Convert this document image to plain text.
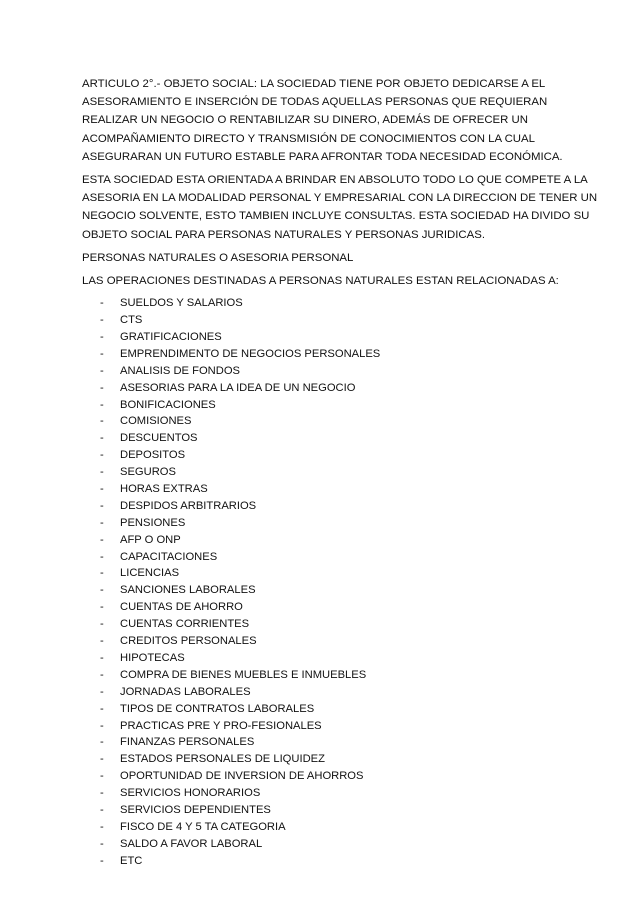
ARTICULO 2°.- OBJETO SOCIAL: LA SOCIEDAD TIENE POR OBJETO DEDICARSE A EL
ASESORAMIENTO E INSERCIÓN DE TODAS AQUELLAS PERSONAS QUE REQUIERAN
REALIZAR UN NEGOCIO O RENTABILIZAR SU DINERO, ADEMÁS DE OFRECER UN
ACOMPAÑAMIENTO DIRECTO Y TRANSMISIÓN DE CONOCIMIENTOS CON LA CUAL
ASEGURARAN UN FUTURO ESTABLE PARA AFRONTAR TODA NECESIDAD ECONÓMICA.

ESTA SOCIEDAD ESTA ORIENTADA A BRINDAR EN ABSOLUTO TODO LO QUE COMPETE A LA
ASESORIA EN LA MODALIDAD PERSONAL Y EMPRESARIAL CON LA DIRECCION DE TENER UN
NEGOCIO SOLVENTE, ESTO TAMBIEN INCLUYE CONSULTAS. ESTA SOCIEDAD HA DIVIDO SU
OBJETO SOCIAL PARA PERSONAS NATURALES Y PERSONAS JURIDICAS.

PERSONAS NATURALES O ASESORIA PERSONAL

LAS OPERACIONES DESTINADAS A PERSONAS NATURALES ESTAN RELACIONADAS A:

- SUELDOS Y SALARIOS
- CTS
- GRATIFICACIONES
- EMPRENDIMENTO DE NEGOCIOS PERSONALES
- ANALISIS DE FONDOS
- ASESORIAS PARA LA IDEA DE UN NEGOCIO
- BONIFICACIONES
- COMISIONES
- DESCUENTOS
- DEPOSITOS
- SEGUROS
- HORAS EXTRAS
- DESPIDOS ARBITRARIOS
- PENSIONES
- AFP O ONP
- CAPACITACIONES
- LICENCIAS
- SANCIONES LABORALES
- CUENTAS DE AHORRO
- CUENTAS CORRIENTES
- CREDITOS PERSONALES
- HIPOTECAS
- COMPRA DE BIENES MUEBLES E INMUEBLES
- JORNADAS LABORALES
- TIPOS DE CONTRATOS LABORALES
- PRACTICAS PRE Y PRO-FESIONALES
- FINANZAS PERSONALES
- ESTADOS PERSONALES DE LIQUIDEZ
- OPORTUNIDAD DE INVERSION DE AHORROS
- SERVICIOS HONORARIOS
- SERVICIOS DEPENDIENTES
- FISCO DE 4 Y 5 TA CATEGORIA
- SALDO A FAVOR LABORAL
- ETC
